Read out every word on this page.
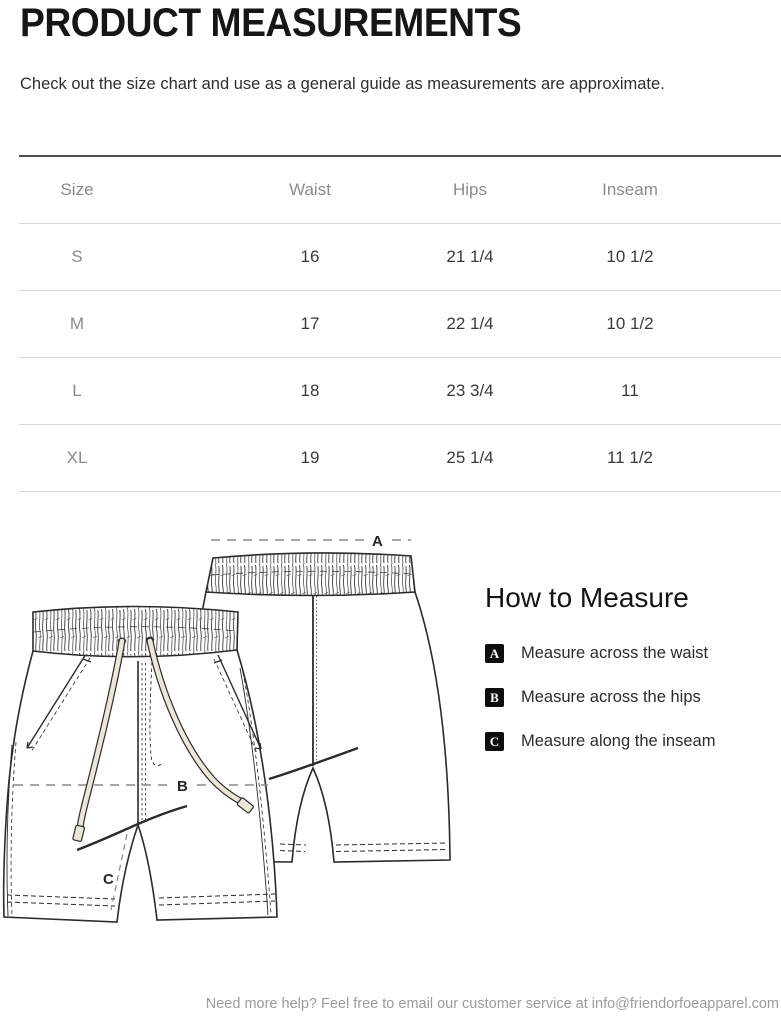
PRODUCT MEASUREMENTS

Check out the size chart and use as a general guide as measurements are approximate.

Size	Waist	Hips	Inseam
S	16	21 1/4	10 1/2
M	17	22 1/4	10 1/2
L	18	23 3/4	11
XL	19	25 1/4	11 1/2
A
B
C
How to Measure
A Measure across the waist
B	Measure across the hips
C Measure along the inseam
Need more help? Feel free to email our customer service at info@friendorfoeapparel.com
